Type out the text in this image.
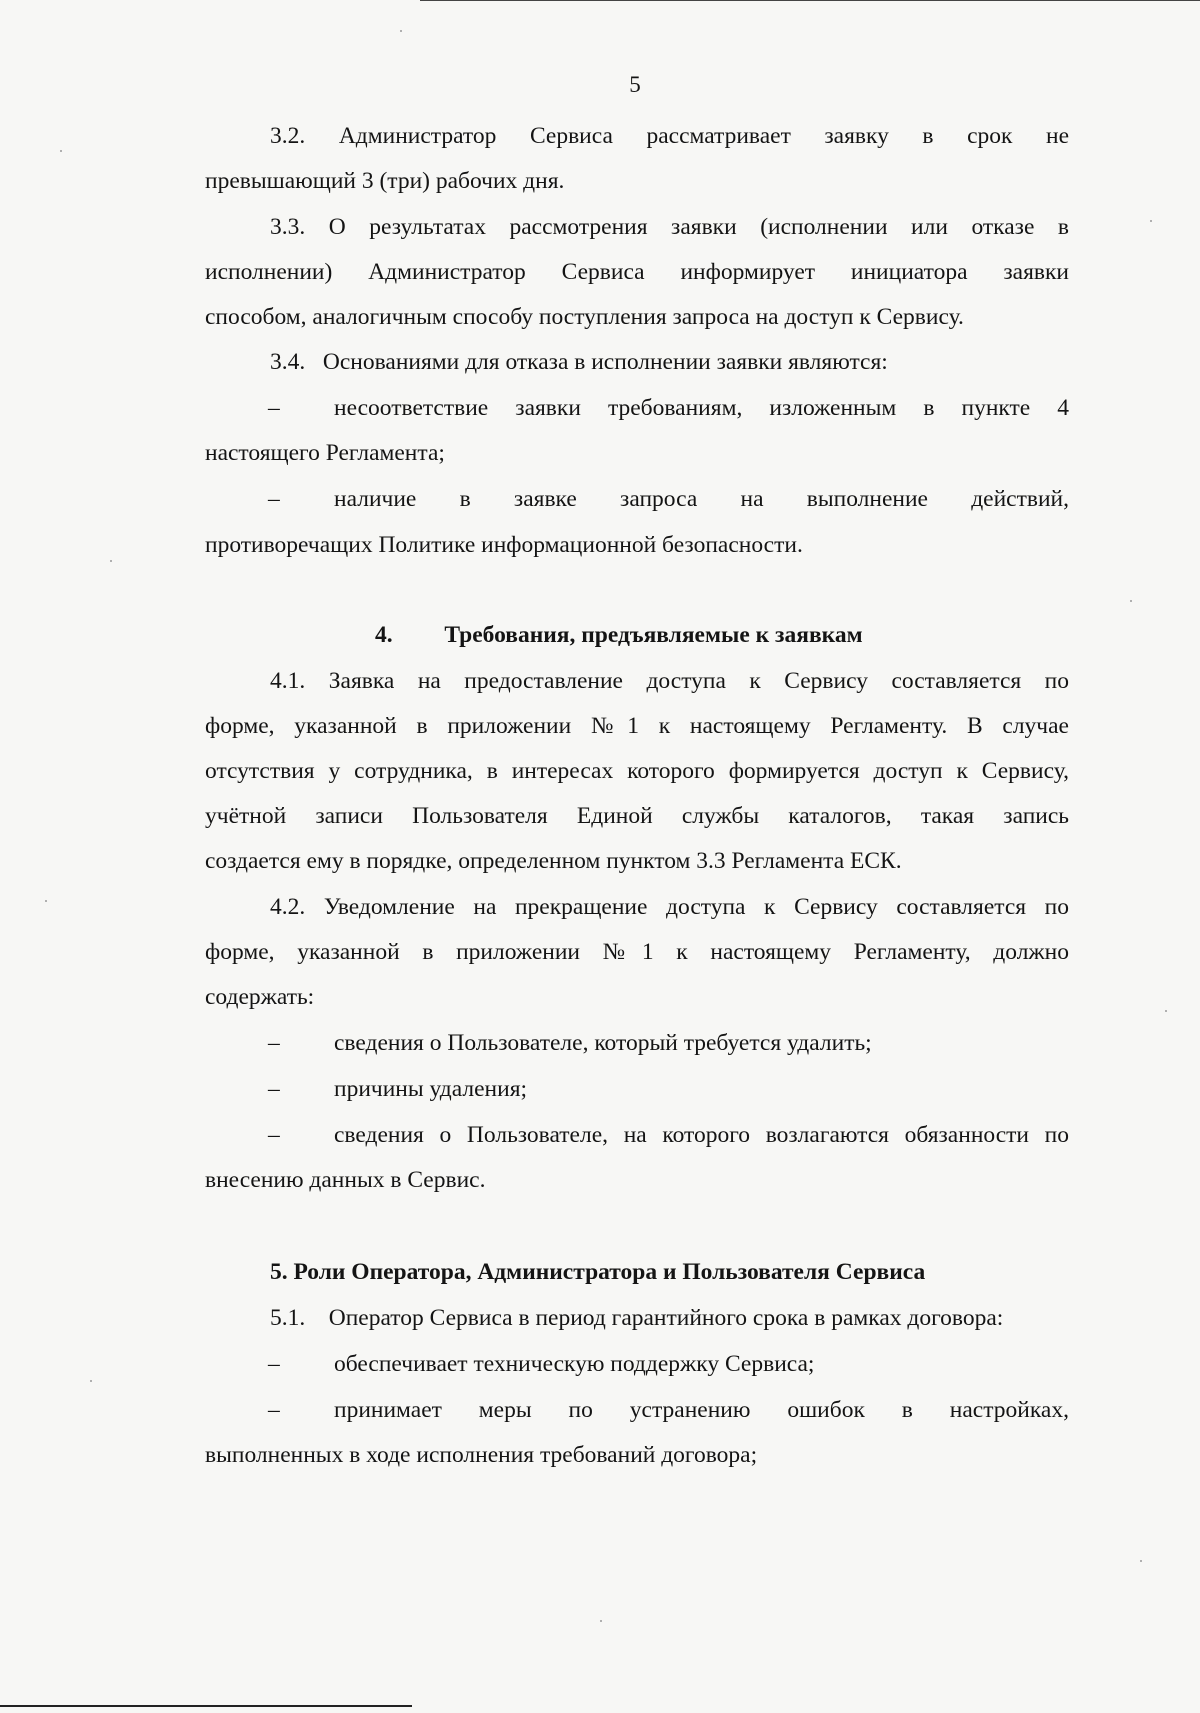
5
3.2. Администратор Сервиса рассматривает заявку в срок не
превышающий 3 (три) рабочих дня.
3.3. О результатах рассмотрения заявки (исполнении или отказе в
исполнении) Администратор Сервиса информирует инициатора заявки
способом, аналогичным способу поступления запроса на доступ к Сервису.
3.4. Основаниями для отказа в исполнении заявки являются:
– несоответствие заявки требованиям, изложенным в пункте 4
настоящего Регламента;
– наличие в заявке запроса на выполнение действий,
противоречащих Политике информационной безопасности.
4. Требования, предъявляемые к заявкам
4.1. Заявка на предоставление доступа к Сервису составляется по
форме, указанной в приложении №1 к настоящему Регламенту. В случае
отсутствия у сотрудника, в интересах которого формируется доступ к Сервису,
учётной записи Пользователя Единой службы каталогов, такая запись
создается ему в порядке, определенном пунктом 3.3 Регламента ЕСК.
4.2. Уведомление на прекращение доступа к Сервису составляется по
форме, указанной в приложении №1 к настоящему Регламенту, должно
содержать:
– сведения о Пользователе, который требуется удалить;
– причины удаления;
– сведения о Пользователе, на которого возлагаются обязанности по
внесению данных в Сервис.
5. Роли Оператора, Администратора и Пользователя Сервиса
5.1. Оператор Сервиса в период гарантийного срока в рамках договора:
– обеспечивает техническую поддержку Сервиса;
– принимает меры по устранению ошибок в настройках,
выполненных в ходе исполнения требований договора;
